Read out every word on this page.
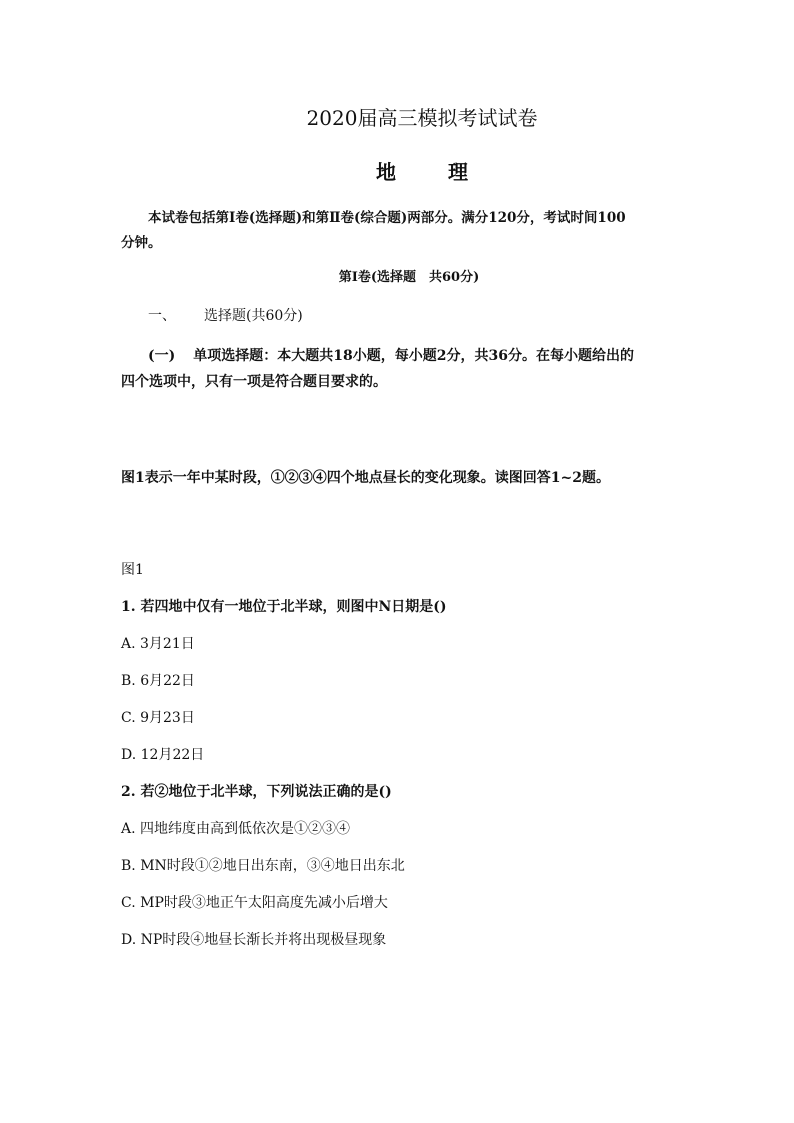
2020届高三模拟考试试卷
地	理
本试卷包括第Ⅰ卷(选择题)和第Ⅱ卷(综合题)两部分。满分120分，考试时间100
分钟。
第Ⅰ卷(选择题　共60分)
一、 选择题(共60分)
(一) 单项选择题：本大题共18小题，每小题2分，共36分。在每小题给出的
四个选项中，只有一项是符合题目要求的。
图1表示一年中某时段，①②③④四个地点昼长的变化现象。读图回答1~2题。
图1
1. 若四地中仅有一地位于北半球，则图中N日期是()
A. 3月21日
B. 6月22日
C. 9月23日
D. 12月22日
2. 若②地位于北半球，下列说法正确的是()
A. 四地纬度由高到低依次是①②③④
B. MN时段①②地日出东南，③④地日出东北
C. MP时段③地正午太阳高度先减小后增大
D. NP时段④地昼长渐长并将出现极昼现象
